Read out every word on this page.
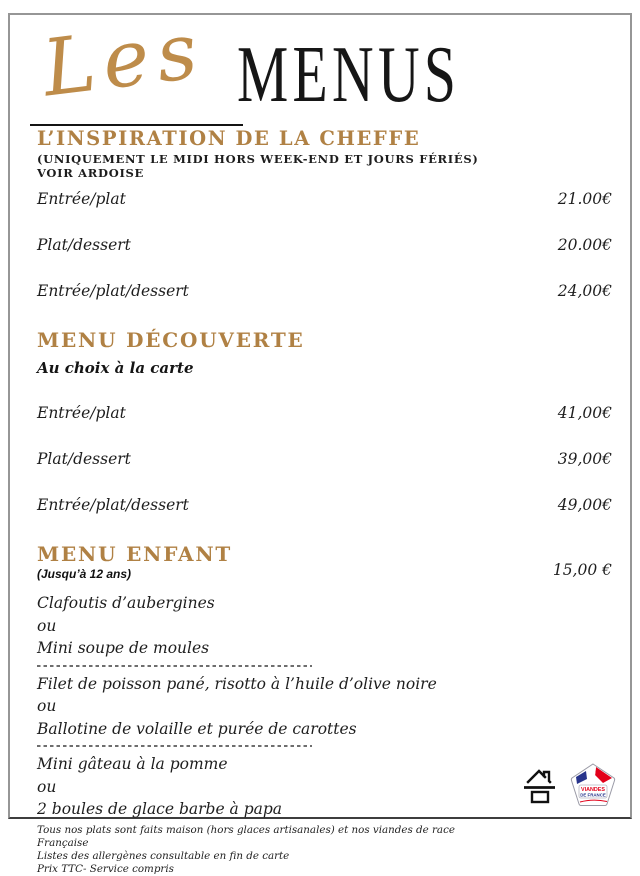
Les MENUS
L’INSPIRATION DE LA CHEFFE
(UNIQUEMENT LE MIDI HORS WEEK-END ET JOURS FÉRIÉS)
VOIR ARDOISE
Entrée/plat	21.00€
Plat/dessert	20.00€
Entrée/plat/dessert	24,00€
MENU DÉCOUVERTE
Au choix à la carte
Entrée/plat	41,00€
Plat/dessert	39,00€
Entrée/plat/dessert	49,00€
MENU ENFANT
(Jusqu’à 12 ans)	15,00 €
Clafoutis d’aubergines
ou
Mini soupe de moules
Filet de poisson pané, risotto à l’huile d’olive noire
ou
Ballotine de volaille et purée de carottes
Mini gâteau à la pomme
ou
2 boules de glace barbe à papa
Tous nos plats sont faits maison (hors glaces artisanales) et nos viandes de race Française
Listes des allergènes consultable en fin de carte
Prix TTC- Service compris
VIANDES
DE FRANCE
